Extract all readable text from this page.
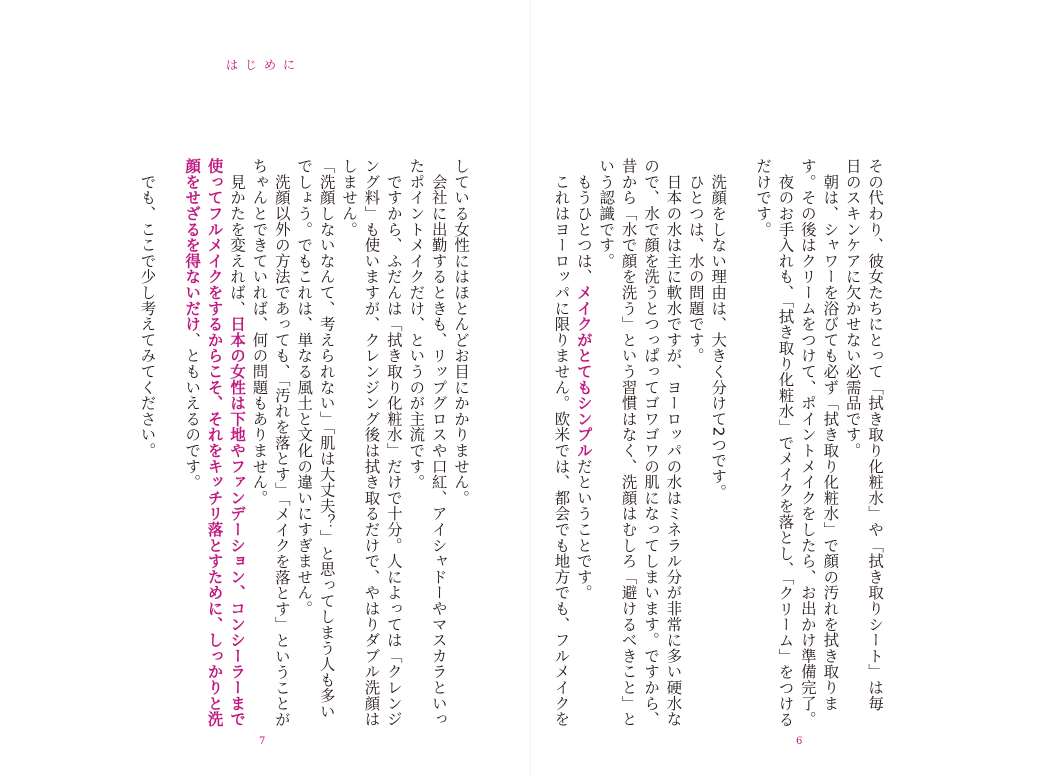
はじめに
している女性にはほとんどお目にかかりません。
　会社に出勤するときも、リップグロスや口紅、アイシャドーやマスカラといっ
たポイントメイクだけ、というのが主流です。
　ですから、ふだんは「拭き取り化粧水」だけで十分。人によっては「クレンジ
ング料」も使いますが、クレンジング後は拭き取るだけで、やはりダブル洗顔は
しません。
「洗顔しないなんて、考えられない」「肌は大丈夫？」と思ってしまう人も多い
でしょう。でもこれは、単なる風土と文化の違いにすぎません。
　洗顔以外の方法であっても、「汚れを落とす」「メイクを落とす」ということが
ちゃんとできていれば、何の問題もありません。
　見かたを変えれば、日本の女性は下地やファンデーション、コンシーラーまで
使ってフルメイクをするからこそ、それをキッチリ落とすために、しっかりと洗
顔をせざるを得ないだけ、ともいえるのです。

　でも、ここで少し考えてみてください。
7
その代わり、彼女たちにとって「拭き取り化粧水」や「拭き取りシート」は毎
日のスキンケアに欠かせない必需品です。
　朝は、シャワーを浴びても必ず「拭き取り化粧水」で顔の汚れを拭き取りま
す。その後はクリームをつけて、ポイントメイクをしたら、お出かけ準備完了。
　夜のお手入れも、「拭き取り化粧水」でメイクを落とし、「クリーム」をつける
だけです。

　洗顔をしない理由は、大きく分けて2つです。
　ひとつは、水の問題です。
　日本の水は主に軟水ですが、ヨーロッパの水はミネラル分が非常に多い硬水な
ので、水で顔を洗うとつっぱってゴワゴワの肌になってしまいます。ですから、
昔から「水で顔を洗う」という習慣はなく、洗顔はむしろ「避けるべきこと」と
いう認識です。
　もうひとつは、メイクがとてもシンプルだということです。
　これはヨーロッパに限りません。欧米では、都会でも地方でも、フルメイクを
6
